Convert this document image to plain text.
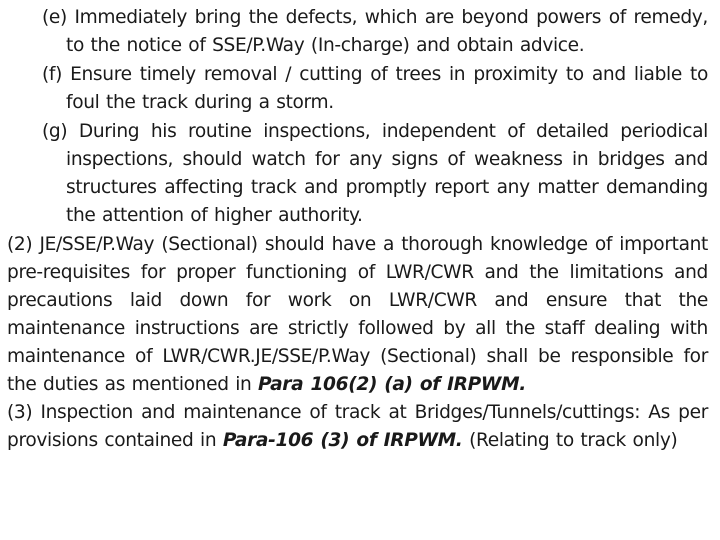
(e) Immediately bring the defects, which are beyond powers of remedy, to the notice of SSE/P.Way (In-charge) and obtain advice.

(f) Ensure timely removal / cutting of trees in proximity to and liable to foul the track during a storm.

(g) During his routine inspections, independent of detailed periodical inspections, should watch for any signs of weakness in bridges and structures affecting track and promptly report any matter demanding the attention of higher authority.

(2) JE/SSE/P.Way (Sectional) should have a thorough knowledge of important pre-requisites for proper functioning of LWR/CWR and the limitations and precautions laid down for work on LWR/CWR and ensure that the maintenance instructions are strictly followed by all the staff dealing with maintenance of LWR/CWR.JE/SSE/P.Way (Sectional) shall be responsible for the duties as mentioned in Para 106(2) (a) of IRPWM.

(3) Inspection and maintenance of track at Bridges/Tunnels/cuttings: As per provisions contained in Para-106 (3) of IRPWM. (Relating to track only)
